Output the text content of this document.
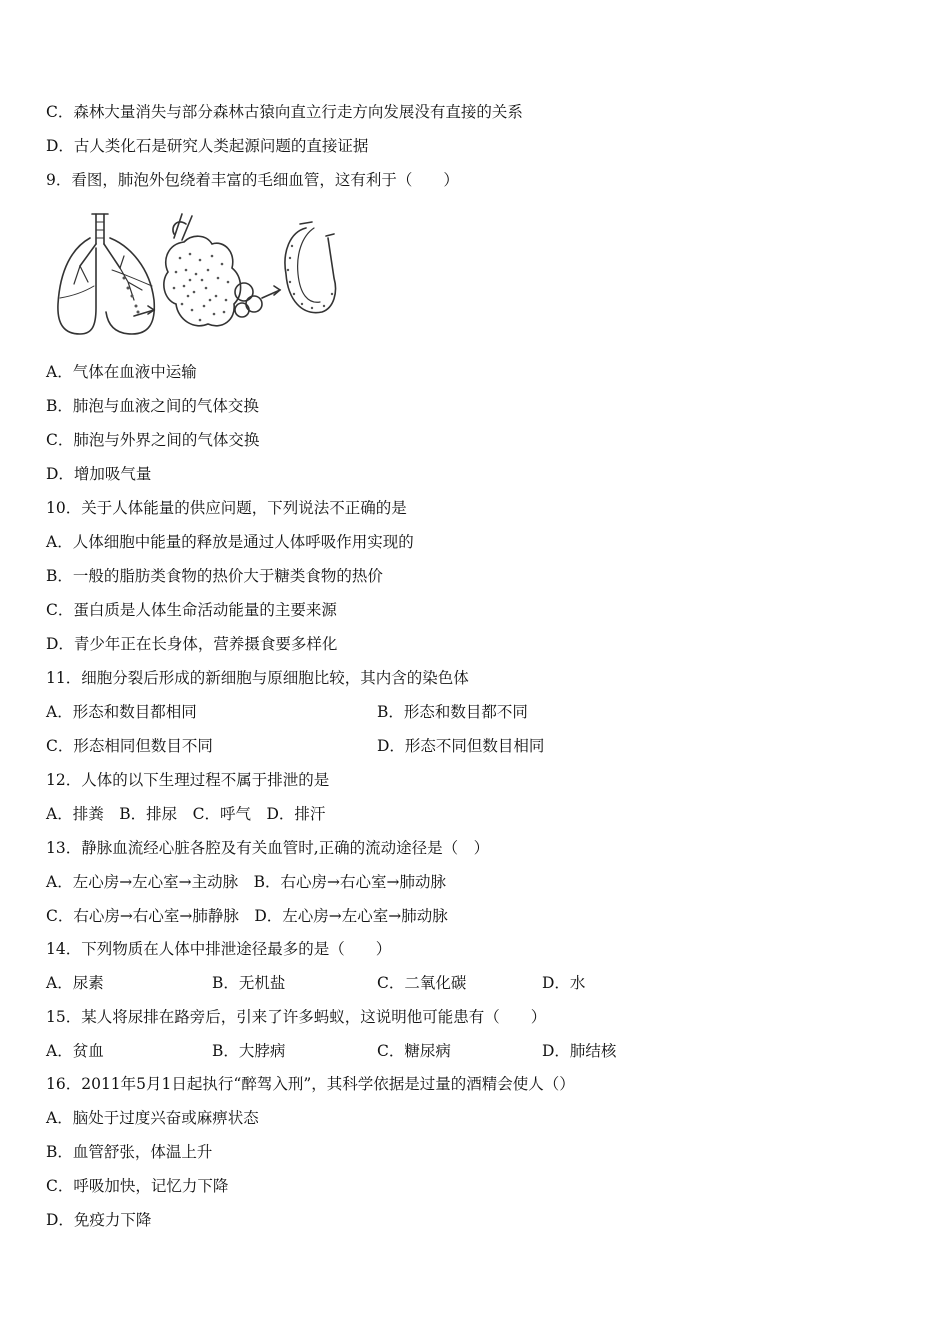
C．森林大量消失与部分森林古猿向直立行走方向发展没有直接的关系
D．古人类化石是研究人类起源问题的直接证据
9．看图，肺泡外包绕着丰富的毛细血管，这有利于（　　）
A．气体在血液中运输
B．肺泡与血液之间的气体交换
C．肺泡与外界之间的气体交换
D．增加吸气量
10．关于人体能量的供应问题，下列说法不正确的是
A．人体细胞中能量的释放是通过人体呼吸作用实现的
B．一般的脂肪类食物的热价大于糖类食物的热价
C．蛋白质是人体生命活动能量的主要来源
D．青少年正在长身体，营养摄食要多样化
11．细胞分裂后形成的新细胞与原细胞比较，其内含的染色体
A．形态和数目都相同	B．形态和数目都不同
C．形态相同但数目不同	D．形态不同但数目相同
12．人体的以下生理过程不属于排泄的是
A．排粪　B．排尿　C．呼气　D．排汗
13．静脉血流经心脏各腔及有关血管时,正确的流动途径是（　）
A．左心房→左心室→主动脉　B．右心房→右心室→肺动脉
C．右心房→右心室→肺静脉　D．左心房→左心室→肺动脉
14．下列物质在人体中排泄途径最多的是（　　）
A．尿素	B．无机盐	C．二氧化碳	D．水
15．某人将尿排在路旁后，引来了许多蚂蚁，这说明他可能患有（　　）
A．贫血	B．大脖病	C．糖尿病	D．肺结核
16．2011年5月1日起执行“醉驾入刑”，其科学依据是过量的酒精会使人（）
A．脑处于过度兴奋或麻痹状态
B．血管舒张，体温上升
C．呼吸加快，记忆力下降
D．免疫力下降
